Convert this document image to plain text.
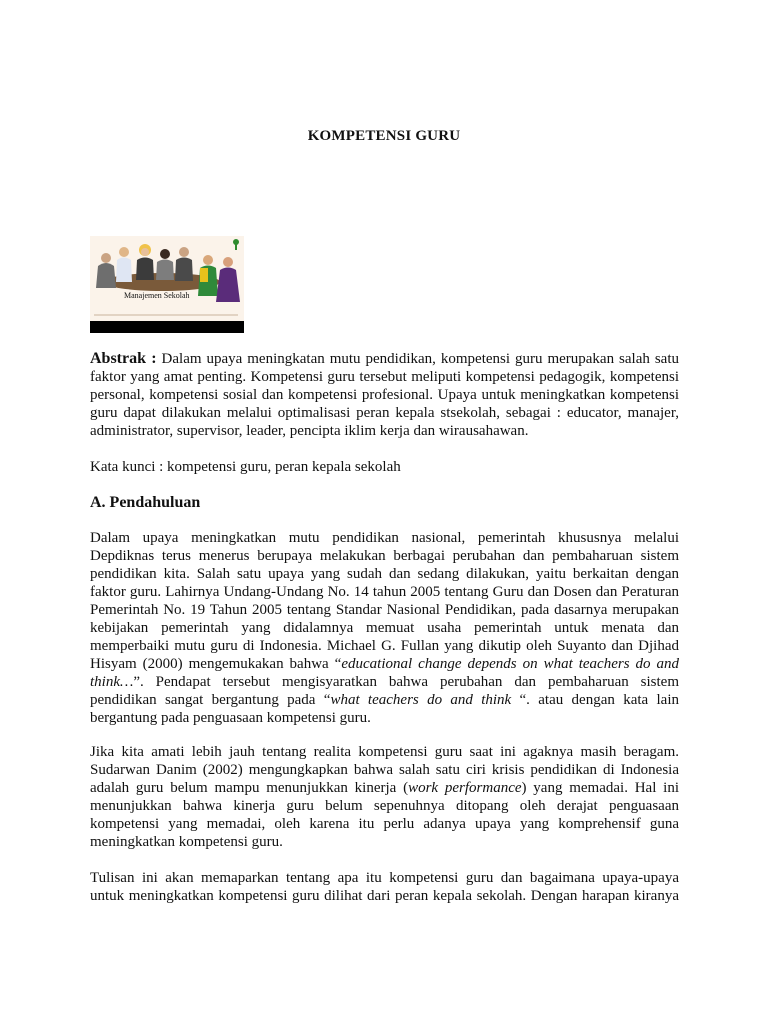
KOMPETENSI GURU
Manajemen Sekolah
Abstrak : Dalam upaya meningkatan mutu pendidikan, kompetensi guru merupakan salah satu
faktor yang amat penting. Kompetensi guru tersebut meliputi kompetensi pedagogik, kompetensi
personal, kompetensi sosial dan kompetensi profesional. Upaya untuk meningkatkan kompetensi
guru dapat dilakukan melalui optimalisasi peran kepala stsekolah, sebagai : educator, manajer,
administrator, supervisor, leader, pencipta iklim kerja dan wirausahawan.
Kata kunci : kompetensi guru, peran kepala sekolah
A. Pendahuluan
Dalam upaya meningkatkan mutu pendidikan nasional, pemerintah khususnya melalui
Depdiknas terus menerus berupaya melakukan berbagai perubahan dan pembaharuan sistem
pendidikan kita. Salah satu upaya yang sudah dan sedang dilakukan, yaitu berkaitan dengan
faktor guru. Lahirnya Undang-Undang No. 14 tahun 2005 tentang Guru dan Dosen dan Peraturan
Pemerintah No. 19 Tahun 2005 tentang Standar Nasional Pendidikan, pada dasarnya merupakan
kebijakan pemerintah yang didalamnya memuat usaha pemerintah untuk menata dan
memperbaiki mutu guru di Indonesia. Michael G. Fullan yang dikutip oleh Suyanto dan Djihad
Hisyam (2000) mengemukakan bahwa “educational change depends on what teachers do and
think…”. Pendapat tersebut mengisyaratkan bahwa perubahan dan pembaharuan sistem
pendidikan sangat bergantung pada “what teachers do and think “. atau dengan kata lain
bergantung pada penguasaan kompetensi guru.
Jika kita amati lebih jauh tentang realita kompetensi guru saat ini agaknya masih beragam.
Sudarwan Danim (2002) mengungkapkan bahwa salah satu ciri krisis pendidikan di Indonesia
adalah guru belum mampu menunjukkan kinerja (work performance) yang memadai. Hal ini
menunjukkan bahwa kinerja guru belum sepenuhnya ditopang oleh derajat penguasaan
kompetensi yang memadai, oleh karena itu perlu adanya upaya yang komprehensif guna
meningkatkan kompetensi guru.
Tulisan ini akan memaparkan tentang apa itu kompetensi guru dan bagaimana upaya-upaya
untuk meningkatkan kompetensi guru dilihat dari peran kepala sekolah. Dengan harapan kiranya
